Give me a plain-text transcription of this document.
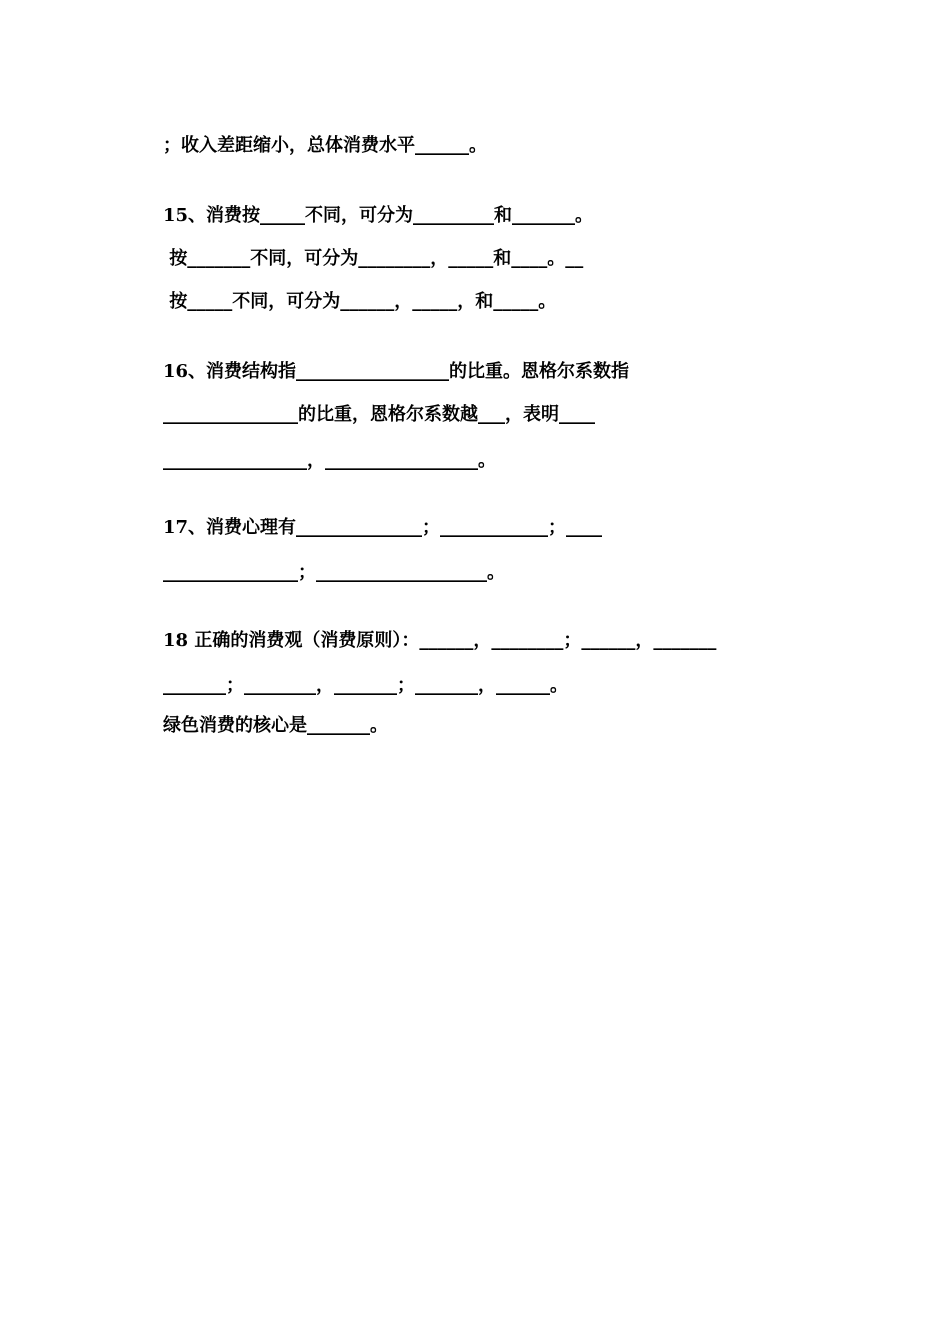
；收入差距缩小，总体消费水平______。
15、消费按_____不同，可分为_________和_______。
按_______不同，可分为________，_____和____。__
按_____不同，可分为______，_____，和_____。
16、消费结构指_________________的比重。恩格尔系数指
_______________的比重，恩格尔系数越___，表明____
________________，_________________。
17、消费心理有______________；____________；____
_______________；___________________。
18 正确的消费观（消费原则）：______，________；______，_______
_______；________，_______；_______，______。
绿色消费的核心是_______。
